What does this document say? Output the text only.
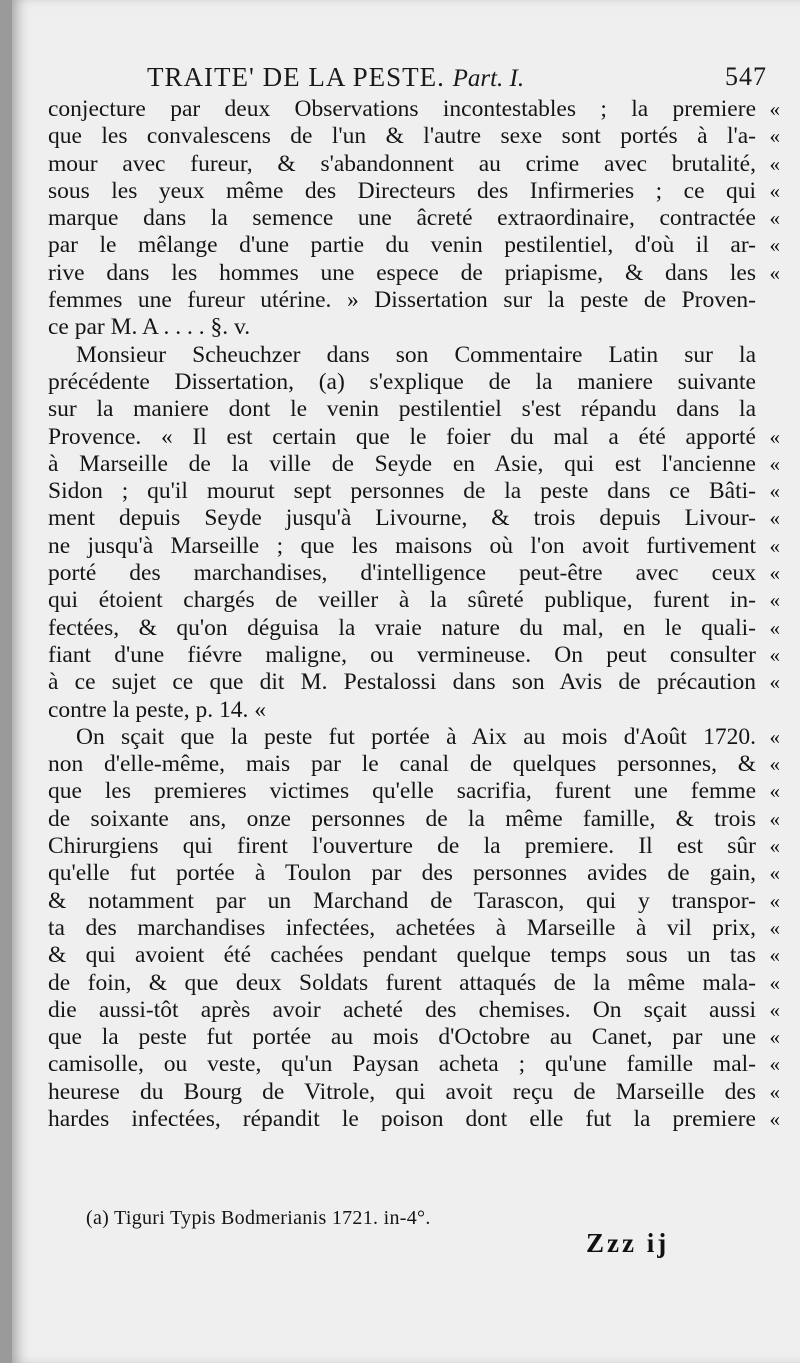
TRAITE' DE LA PESTE. Part. I.	547
conjecture par deux Observations incontestables ; la premiere «
que les convalescens de l'un & l'autre sexe sont portés à l'a- «
mour avec fureur, & s'abandonnent au crime avec brutalité, «
sous les yeux même des Directeurs des Infirmeries ; ce qui «
marque dans la semence une âcreté extraordinaire, contractée «
par le mêlange d'une partie du venin pestilentiel, d'où il ar- «
rive dans les hommes une espece de priapisme, & dans les «
femmes une fureur utérine. » Dissertation sur la peste de Proven-
ce par M. A . . . . §. v.
Monsieur Scheuchzer dans son Commentaire Latin sur la
précédente Dissertation, (a) s'explique de la maniere suivante
sur la maniere dont le venin pestilentiel s'est répandu dans la
Provence. « Il est certain que le foier du mal a été apporté «
à Marseille de la ville de Seyde en Asie, qui est l'ancienne «
Sidon ; qu'il mourut sept personnes de la peste dans ce Bâti- «
ment depuis Seyde jusqu'à Livourne, & trois depuis Livour- «
ne jusqu'à Marseille ; que les maisons où l'on avoit furtivement «
porté des marchandises, d'intelligence peut-être avec ceux «
qui étoient chargés de veiller à la sûreté publique, furent in- «
fectées, & qu'on déguisa la vraie nature du mal, en le quali- «
fiant d'une fiévre maligne, ou vermineuse. On peut consulter «
à ce sujet ce que dit M. Pestalossi dans son Avis de précaution «
contre la peste, p. 14. «
On sçait que la peste fut portée à Aix au mois d'Août 1720. «
non d'elle-même, mais par le canal de quelques personnes, & «
que les premieres victimes qu'elle sacrifia, furent une femme «
de soixante ans, onze personnes de la même famille, & trois «
Chirurgiens qui firent l'ouverture de la premiere. Il est sûr «
qu'elle fut portée à Toulon par des personnes avides de gain, «
& notamment par un Marchand de Tarascon, qui y transpor- «
ta des marchandises infectées, achetées à Marseille à vil prix, «
& qui avoient été cachées pendant quelque temps sous un tas «
de foin, & que deux Soldats furent attaqués de la même mala- «
die aussi-tôt après avoir acheté des chemises. On sçait aussi «
que la peste fut portée au mois d'Octobre au Canet, par une «
camisolle, ou veste, qu'un Paysan acheta ; qu'une famille mal- «
heurese du Bourg de Vitrole, qui avoit reçu de Marseille des «
hardes infectées, répandit le poison dont elle fut la premiere «
(a) Tiguri Typis Bodmerianis 1721. in-4°.
Zzz ij
